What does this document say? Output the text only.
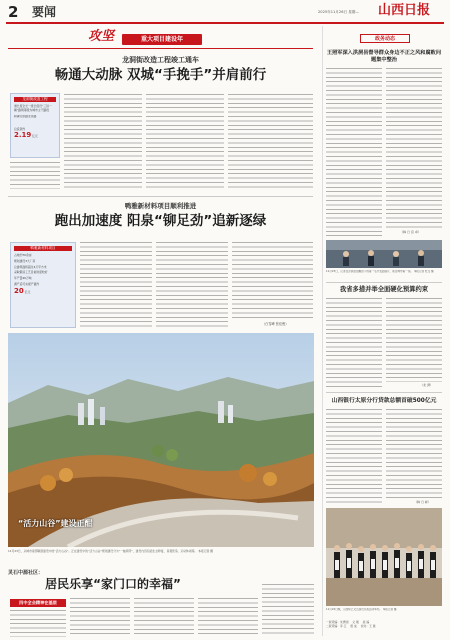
2 要闻	2025年11月26日 星期— 山西日报
攻坚	重大项目建设年
龙洞街改造工程竣工通车
畅通大动脉 双城“手挽手”并肩前行
龙洞街改造工程
道长度全长一级长度设“三纵一横”路网等级为城市主干路段
跨越太原路北延路
总投资约
2.19 亿元
鸭雅新材料项目顺利推进
跑出加速度 阳泉“铆足劲”追新逐绿
鸭雅新材料项目
占地约70余亩
规划建设3大厂房
总建筑面积超过4万平方米
采取锻造工艺目前进度较好
年产量40万吨
满产后可实现产值约
20 亿元
（白雪峰 张佳俊）
“活力山谷”建设正酣
11月23日，从城市南部眺望建设中的“活力山谷”。正在建设中的“活力山谷”规划建设分为“一轴两带”，建设内容包括生态修复、景观营造、运动休闲等。 本报记者 摄
灵石中源社区：
居民乐享“家门口的幸福”
四中全会精神在基层
政务动态
王照军深入洪洞县督导群众身边不正之风和腐败问题集中整治
（韩 日 宫 卓）
11月23日，记者在洪洞县拍摄拍下的第一名代表面镜片，前往城市第一线。 本报记者 杜文 摄
我省多措并举全面硬化预算约束
（龙 湃）
山西银行太原分行贷款总额首破500亿元
（韩 日 彬）
11月22日晚，山西综艺文艺演出庆祝活动举办。 本报记者 摄
一版责编：朱勇刚 文 刚 美 编
二版责编：李 江 组 成 校对：王 晨
